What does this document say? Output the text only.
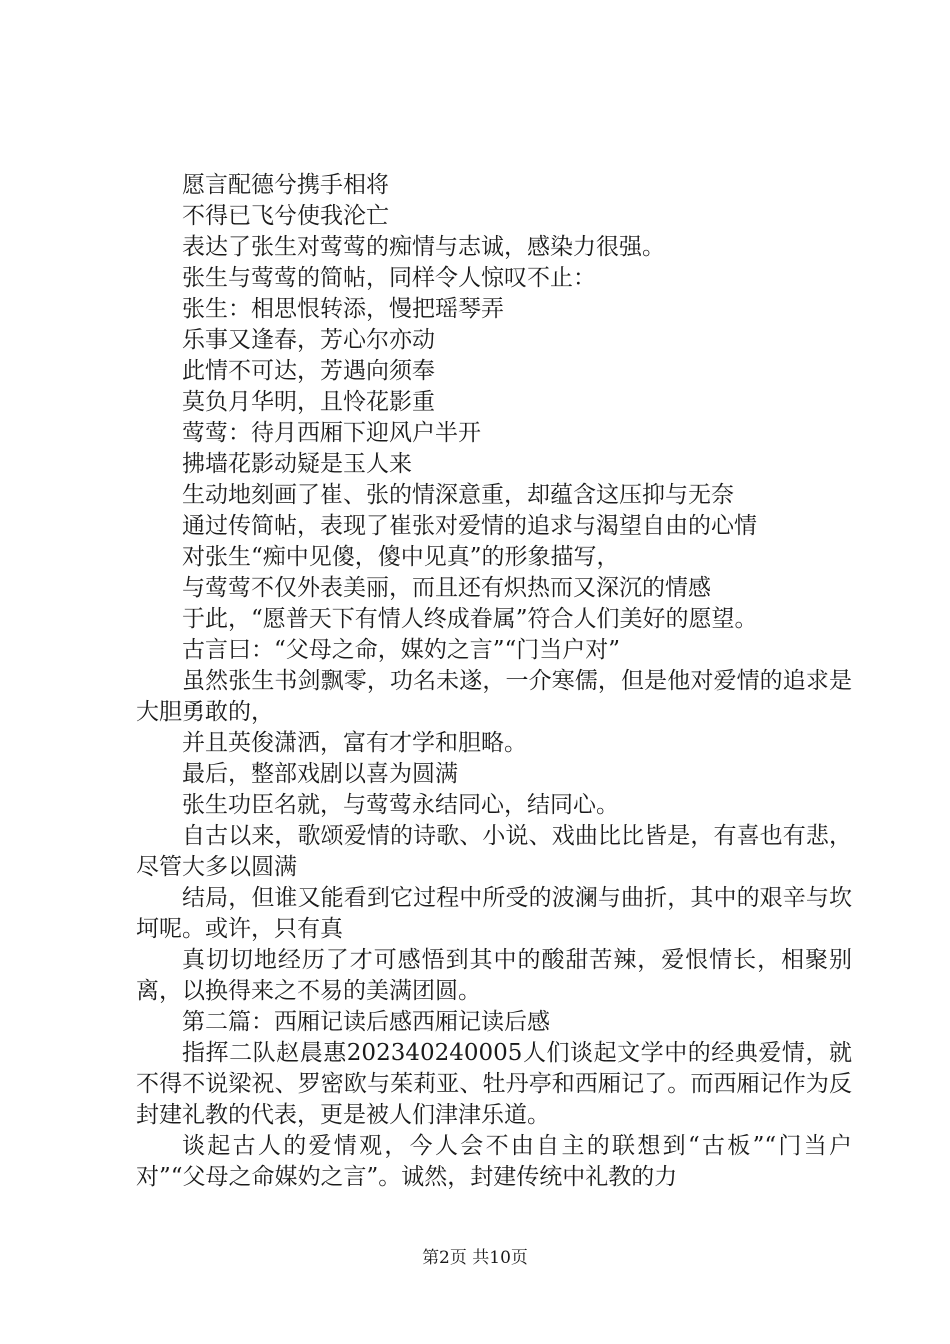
愿言配德兮携手相将

不得已飞兮使我沦亡

表达了张生对莺莺的痴情与志诚，感染力很强。

张生与莺莺的简帖，同样令人惊叹不止：

张生：相思恨转添，慢把瑶琴弄

乐事又逢春，芳心尔亦动

此情不可达，芳遇向须奉

莫负月华明，且怜花影重

莺莺：待月西厢下迎风户半开

拂墙花影动疑是玉人来

生动地刻画了崔、张的情深意重，却蕴含这压抑与无奈

通过传简帖，表现了崔张对爱情的追求与渴望自由的心情

对张生“痴中见傻，傻中见真”的形象描写，

与莺莺不仅外表美丽，而且还有炽热而又深沉的情感

于此，“愿普天下有情人终成眷属”符合人们美好的愿望。

古言曰：“父母之命，媒妁之言”“门当户对”

虽然张生书剑飘零，功名未遂，一介寒儒，但是他对爱情的追求是大胆勇敢的，

并且英俊潇洒，富有才学和胆略。

最后，整部戏剧以喜为圆满

张生功臣名就，与莺莺永结同心，结同心。

自古以来，歌颂爱情的诗歌、小说、戏曲比比皆是，有喜也有悲，尽管大多以圆满

结局，但谁又能看到它过程中所受的波澜与曲折，其中的艰辛与坎坷呢。或许，只有真

真切切地经历了才可感悟到其中的酸甜苦辣，爱恨情长，相聚别离，以换得来之不易的美满团圆。

第二篇：西厢记读后感西厢记读后感

指挥二队赵晨惠202340240005人们谈起文学中的经典爱情，就不得不说梁祝、罗密欧与茱莉亚、牡丹亭和西厢记了。而西厢记作为反封建礼教的代表，更是被人们津津乐道。

谈起古人的爱情观，今人会不由自主的联想到“古板”“门当户对”“父母之命媒妁之言”。诚然，封建传统中礼教的力

第2页 共10页
